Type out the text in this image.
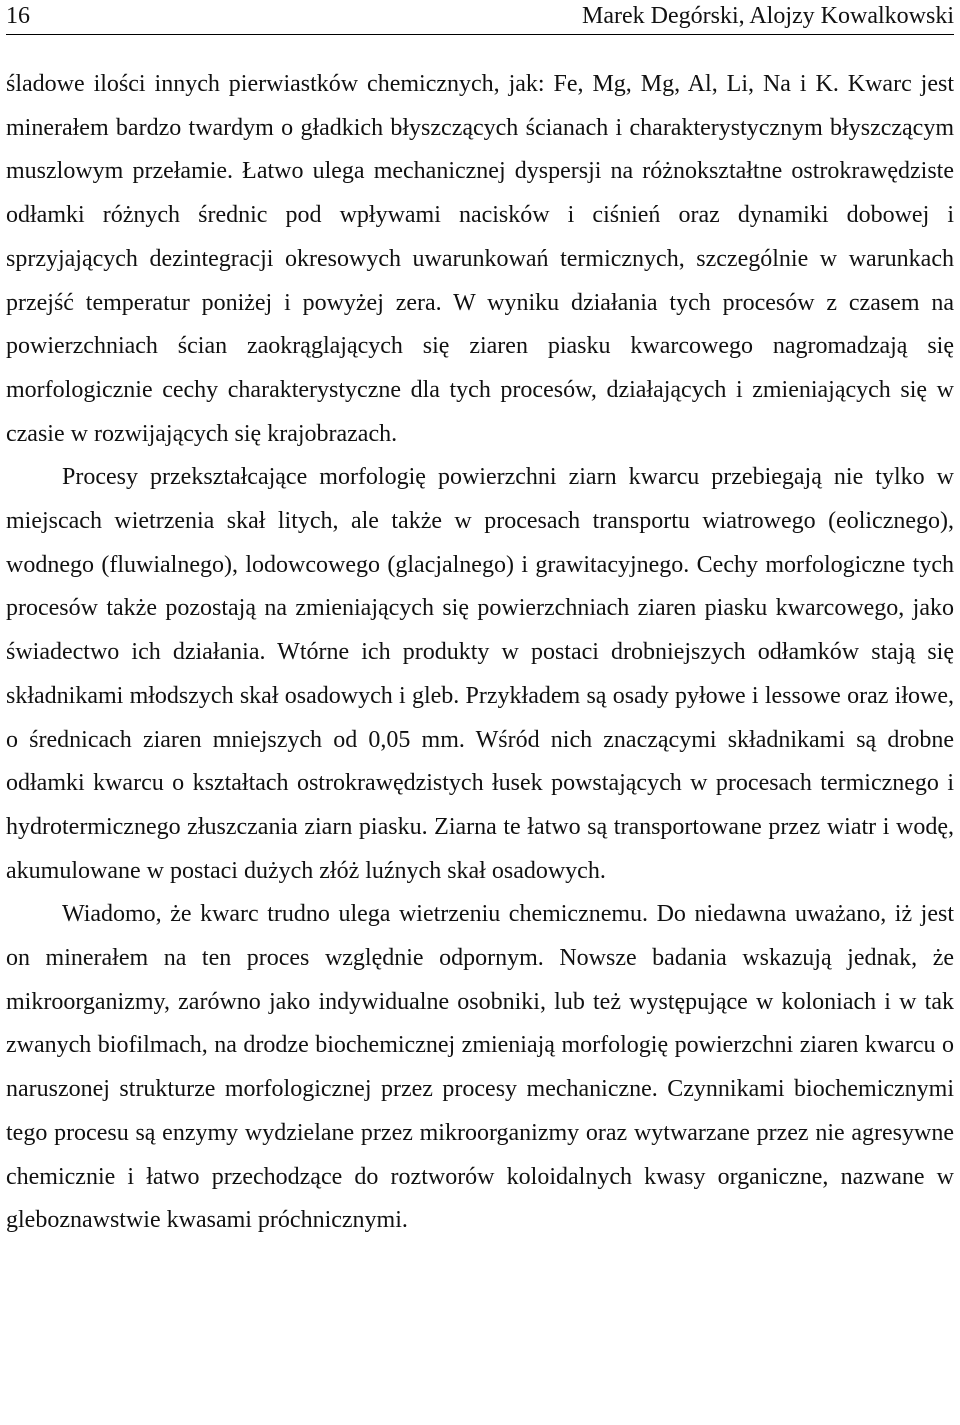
16	Marek Degórski, Alojzy Kowalkowski

śladowe ilości innych pierwiastków chemicznych, jak: Fe, Mg, Mg, Al, Li, Na i K. Kwarc jest minerałem bardzo twardym o gładkich błyszczących ścianach i charakterystycznym błyszczącym muszlowym przełamie. Łatwo ulega mechanicznej dyspersji na różnokształtne ostrokrawędziste odłamki różnych średnic pod wpływami nacisków i ciśnień oraz dynamiki dobowej i sprzyjających dezintegracji okresowych uwarunkowań termicznych, szczególnie w warunkach przejść temperatur poniżej i powyżej zera. W wyniku działania tych procesów z czasem na powierzchniach ścian zaokrąglających się ziaren piasku kwarcowego nagromadzają się morfologicznie cechy charakterystyczne dla tych procesów, działających i zmieniających się w czasie w rozwijających się krajobrazach.

Procesy przekształcające morfologię powierzchni ziarn kwarcu przebiegają nie tylko w miejscach wietrzenia skał litych, ale także w procesach transportu wiatrowego (eolicznego), wodnego (fluwialnego), lodowcowego (glacjalnego) i grawitacyjnego. Cechy morfologiczne tych procesów także pozostają na zmieniających się powierzchniach ziaren piasku kwarcowego, jako świadectwo ich działania. Wtórne ich produkty w postaci drobniejszych odłamków stają się składnikami młodszych skał osadowych i gleb. Przykładem są osady pyłowe i lessowe oraz iłowe, o średnicach ziaren mniejszych od 0,05 mm. Wśród nich znaczącymi składnikami są drobne odłamki kwarcu o kształtach ostrokrawędzistych łusek powstających w procesach termicznego i hydrotermicznego złuszczania ziarn piasku. Ziarna te łatwo są transportowane przez wiatr i wodę, akumulowane w postaci dużych złóż luźnych skał osadowych.

Wiadomo, że kwarc trudno ulega wietrzeniu chemicznemu. Do niedawna uważano, iż jest on minerałem na ten proces względnie odpornym. Nowsze badania wskazują jednak, że mikroorganizmy, zarówno jako indywidualne osobniki, lub też występujące w koloniach i w tak zwanych biofilmach, na drodze biochemicznej zmieniają morfologię powierzchni ziaren kwarcu o naruszonej strukturze morfologicznej przez procesy mechaniczne. Czynnikami biochemicznymi tego procesu są enzymy wydzielane przez mikroorganizmy oraz wytwarzane przez nie agresywne chemicznie i łatwo przechodzące do roztworów koloidalnych kwasy organiczne, nazwane w gleboznawstwie kwasami próchnicznymi.
